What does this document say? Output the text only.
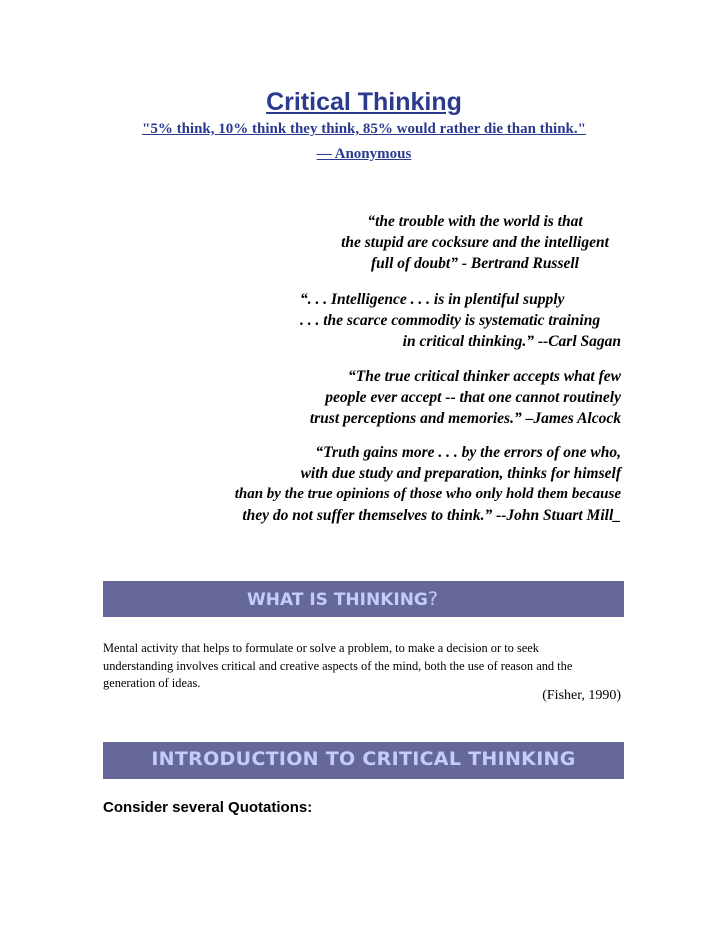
Critical Thinking
"5% think, 10% think they think, 85% would rather die than think."
— Anonymous
“the trouble with the world is that
the stupid are cocksure and the intelligent
full of doubt” - Bertrand Russell
“. . . Intelligence . . . is in plentiful supply
. . . the scarce commodity is systematic training
in critical thinking.” --Carl Sagan
“The true critical thinker accepts what few
people ever accept -- that one cannot routinely
trust perceptions and memories.” –James Alcock
“Truth gains more . . . by the errors of one who,
with due study and preparation, thinks for himself
than by the true opinions of those who only hold them because
they do not suffer themselves to think.” --John Stuart Mill_
WHAT IS THINKING?
Mental activity that helps to formulate or solve a problem, to make a decision or to seek
understanding involves critical and creative aspects of the mind, both the use of reason and the
generation of ideas.
(Fisher, 1990)
INTRODUCTION TO CRITICAL THINKING
Consider several Quotations:
